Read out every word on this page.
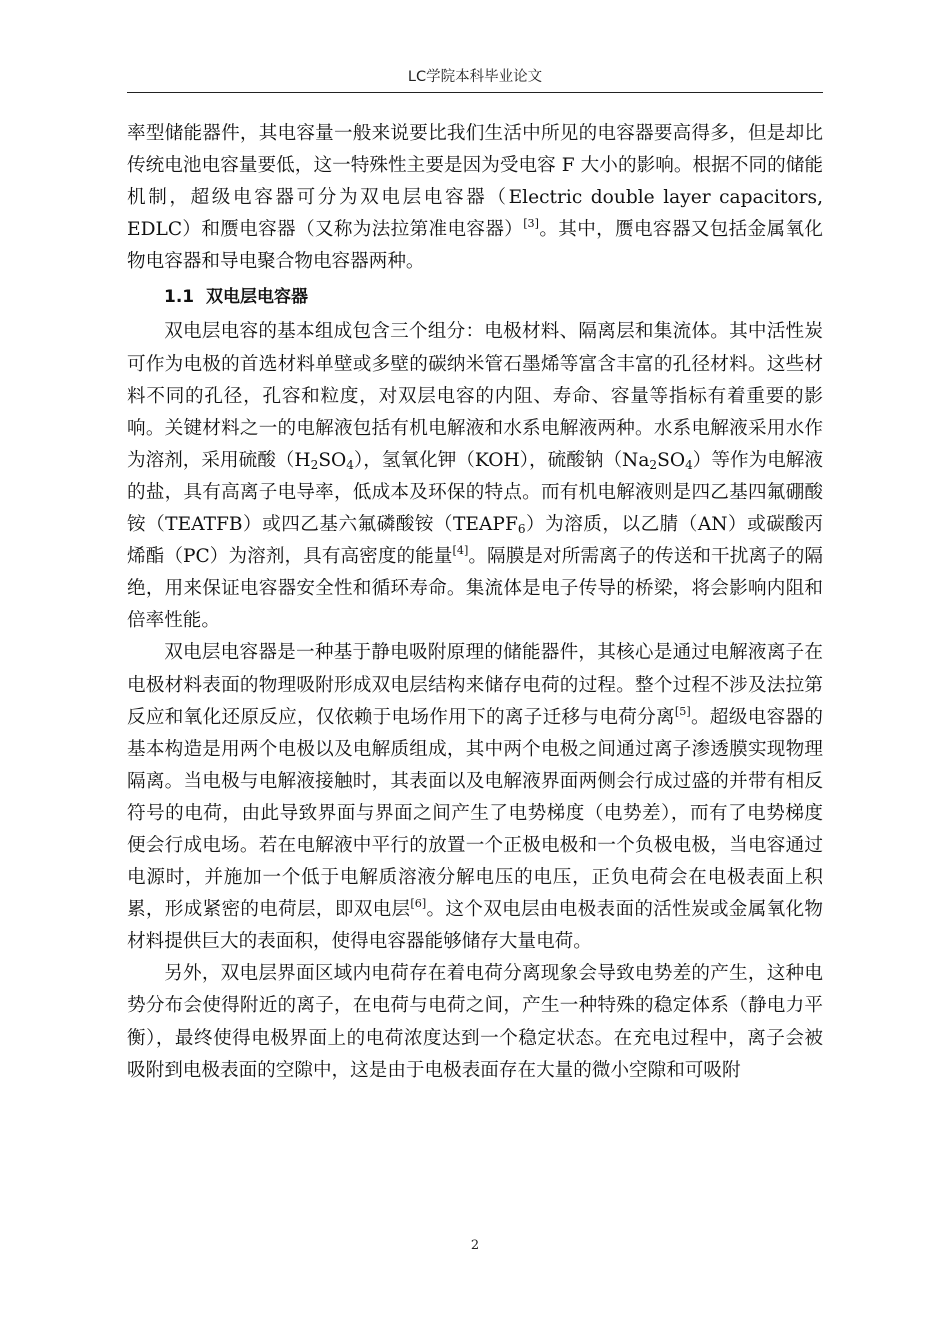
LC学院本科毕业论文

率型储能器件，其电容量一般来说要比我们生活中所见的电容器要高得多，但是却比传统电池电容量要低，这一特殊性主要是因为受电容 F 大小的影响。根据不同的储能机制，超级电容器可分为双电层电容器（Electric double layer capacitors, EDLC）和赝电容器（又称为法拉第准电容器）[3]。其中，赝电容器又包括金属氧化物电容器和导电聚合物电容器两种。

1.1 双电层电容器

双电层电容的基本组成包含三个组分：电极材料、隔离层和集流体。其中活性炭可作为电极的首选材料单壁或多壁的碳纳米管石墨烯等富含丰富的孔径材料。这些材料不同的孔径，孔容和粒度，对双层电容的内阻、寿命、容量等指标有着重要的影响。关键材料之一的电解液包括有机电解液和水系电解液两种。水系电解液采用水作为溶剂，采用硫酸$(H_2SO_4)$，氢氧化钾（KOH），硫酸钠$(Na_2SO_4)$等作为电解液的盐，具有高离子电导率，低成本及环保的特点。而有机电解液则是四乙基四氟硼酸铵（TEATFB）或四乙基六氟磷酸铵$(TEAPF_6)$为溶质，以乙腈（AN）或碳酸丙烯酯（PC）为溶剂，具有高密度的能量[4]。隔膜是对所需离子的传送和干扰离子的隔绝，用来保证电容器安全性和循环寿命。集流体是电子传导的桥梁，将会影响内阻和倍率性能。

双电层电容器是一种基于静电吸附原理的储能器件，其核心是通过电解液离子在电极材料表面的物理吸附形成双电层结构来储存电荷的过程。整个过程不涉及法拉第反应和氧化还原反应，仅依赖于电场作用下的离子迁移与电荷分离[5]。超级电容器的基本构造是用两个电极以及电解质组成，其中两个电极之间通过离子渗透膜实现物理隔离。当电极与电解液接触时，其表面以及电解液界面两侧会行成过盛的并带有相反符号的电荷，由此导致界面与界面之间产生了电势梯度（电势差），而有了电势梯度便会行成电场。若在电解液中平行的放置一个正极电极和一个负极电极，当电容通过电源时，并施加一个低于电解质溶液分解电压的电压，正负电荷会在电极表面上积累，形成紧密的电荷层，即双电层[6]。这个双电层由电极表面的活性炭或金属氧化物材料提供巨大的表面积，使得电容器能够储存大量电荷。

另外，双电层界面区域内电荷存在着电荷分离现象会导致电势差的产生，这种电势分布会使得附近的离子，在电荷与电荷之间，产生一种特殊的稳定体系（静电力平衡），最终使得电极界面上的电荷浓度达到一个稳定状态。在充电过程中，离子会被吸附到电极表面的空隙中，这是由于电极表面存在大量的微小空隙和可吸附

2
